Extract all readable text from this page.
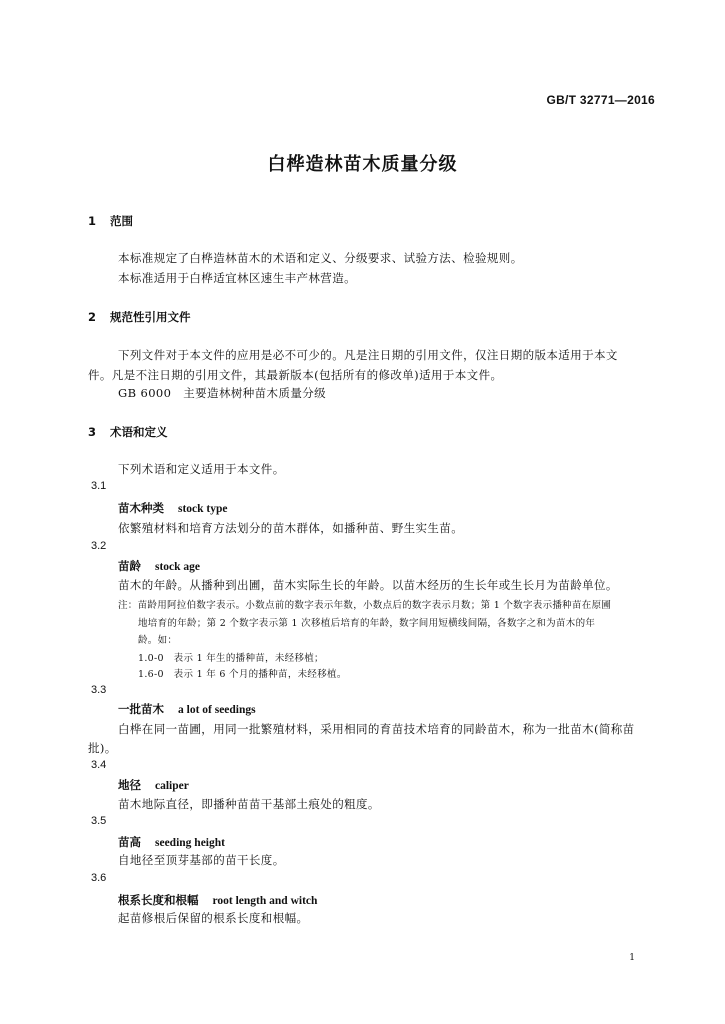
GB/T 32771—2016
白桦造林苗木质量分级
1 范围
本标准规定了白桦造林苗木的术语和定义、分级要求、试验方法、检验规则。
本标准适用于白桦适宜林区速生丰产林营造。
2 规范性引用文件
下列文件对于本文件的应用是必不可少的。凡是注日期的引用文件，仅注日期的版本适用于本文
件。凡是不注日期的引用文件，其最新版本(包括所有的修改单)适用于本文件。
GB 6000　主要造林树种苗木质量分级
3 术语和定义
下列术语和定义适用于本文件。
3.1
苗木种类 stock type
依繁殖材料和培育方法划分的苗木群体，如播种苗、野生实生苗。
3.2
苗龄 stock age
苗木的年龄。从播种到出圃，苗木实际生长的年龄。以苗木经历的生长年或生长月为苗龄单位。
注：苗龄用阿拉伯数字表示。小数点前的数字表示年数，小数点后的数字表示月数；第 1 个数字表示播种苗在原圃
地培育的年龄；第 2 个数字表示第 1 次移植后培育的年龄，数字间用短横线间隔，各数字之和为苗木的年
龄。如：
1.0-0　表示 1 年生的播种苗，未经移植；
1.6-0　表示 1 年 6 个月的播种苗，未经移植。
3.3
一批苗木 a lot of seedings
白桦在同一苗圃，用同一批繁殖材料，采用相同的育苗技术培育的同龄苗木，称为一批苗木(简称苗
批)。
3.4
地径 caliper
苗木地际直径，即播种苗苗干基部土痕处的粗度。
3.5
苗高 seeding height
自地径至顶芽基部的苗干长度。
3.6
根系长度和根幅 root length and witch
起苗修根后保留的根系长度和根幅。
1
